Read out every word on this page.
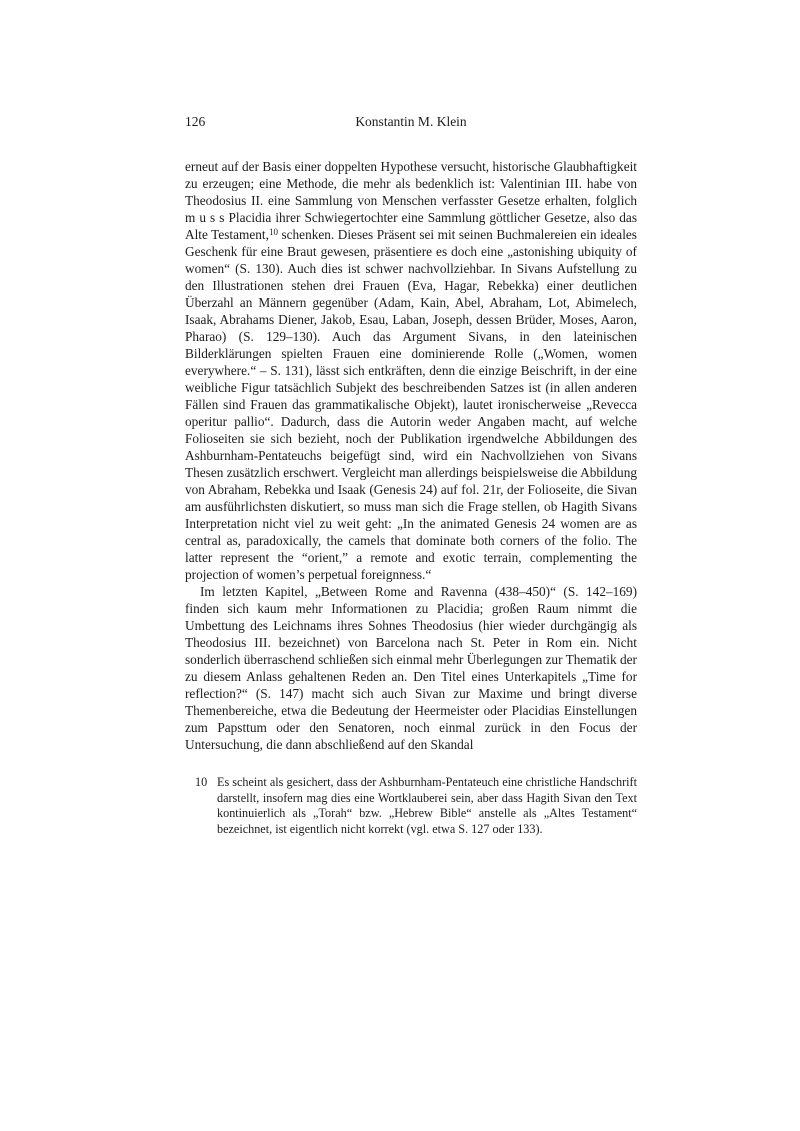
126	Konstantin M. Klein

erneut auf der Basis einer doppelten Hypothese versucht, historische Glaubhaftigkeit zu erzeugen; eine Methode, die mehr als bedenklich ist: Valentinian III. habe von Theodosius II. eine Sammlung von Menschen verfasster Gesetze erhalten, folglich m u s s Placidia ihrer Schwiegertochter eine Sammlung göttlicher Gesetze, also das Alte Testament,$^{10}$ schenken. Dieses Präsent sei mit seinen Buchmalereien ein ideales Geschenk für eine Braut gewesen, präsentiere es doch eine „astonishing ubiquity of women“ (S. 130). Auch dies ist schwer nachvollziehbar. In Sivans Aufstellung zu den Illustrationen stehen drei Frauen (Eva, Hagar, Rebekka) einer deutlichen Überzahl an Männern gegenüber (Adam, Kain, Abel, Abraham, Lot, Abimelech, Isaak, Abrahams Diener, Jakob, Esau, Laban, Joseph, dessen Brüder, Moses, Aaron, Pharao) (S. 129–130). Auch das Argument Sivans, in den lateinischen Bilderklärungen spielten Frauen eine dominierende Rolle („Women, women everywhere.“ – S. 131), lässt sich entkräften, denn die einzige Beischrift, in der eine weibliche Figur tatsächlich Subjekt des beschreibenden Satzes ist (in allen anderen Fällen sind Frauen das grammatikalische Objekt), lautet ironischerweise „Revecca operitur pallio“. Dadurch, dass die Autorin weder Angaben macht, auf welche Folioseiten sie sich bezieht, noch der Publikation irgendwelche Abbildungen des Ashburnham-Pentateuchs beigefügt sind, wird ein Nachvollziehen von Sivans Thesen zusätzlich erschwert. Vergleicht man allerdings beispielsweise die Abbildung von Abraham, Rebekka und Isaak (Genesis 24) auf fol. 21r, der Folioseite, die Sivan am ausführlichsten diskutiert, so muss man sich die Frage stellen, ob Hagith Sivans Interpretation nicht viel zu weit geht: „In the animated Genesis 24 women are as central as, paradoxically, the camels that dominate both corners of the folio. The latter represent the “orient,” a remote and exotic terrain, complementing the projection of women’s perpetual foreignness.“

Im letzten Kapitel, „Between Rome and Ravenna (438–450)“ (S. 142–169) finden sich kaum mehr Informationen zu Placidia; großen Raum nimmt die Umbettung des Leichnams ihres Sohnes Theodosius (hier wieder durchgängig als Theodosius III. bezeichnet) von Barcelona nach St. Peter in Rom ein. Nicht sonderlich überraschend schließen sich einmal mehr Überlegungen zur Thematik der zu diesem Anlass gehaltenen Reden an. Den Titel eines Unterkapitels „Time for reflection?“ (S. 147) macht sich auch Sivan zur Maxime und bringt diverse Themenbereiche, etwa die Bedeutung der Heermeister oder Placidias Einstellungen zum Papsttum oder den Senatoren, noch einmal zurück in den Focus der Untersuchung, die dann abschließend auf den Skandal

10 Es scheint als gesichert, dass der Ashburnham-Pentateuch eine christliche Handschrift darstellt, insofern mag dies eine Wortklauberei sein, aber dass Hagith Sivan den Text kontinuierlich als „Torah“ bzw. „Hebrew Bible“ anstelle als „Altes Testament“ bezeichnet, ist eigentlich nicht korrekt (vgl. etwa S. 127 oder 133).
